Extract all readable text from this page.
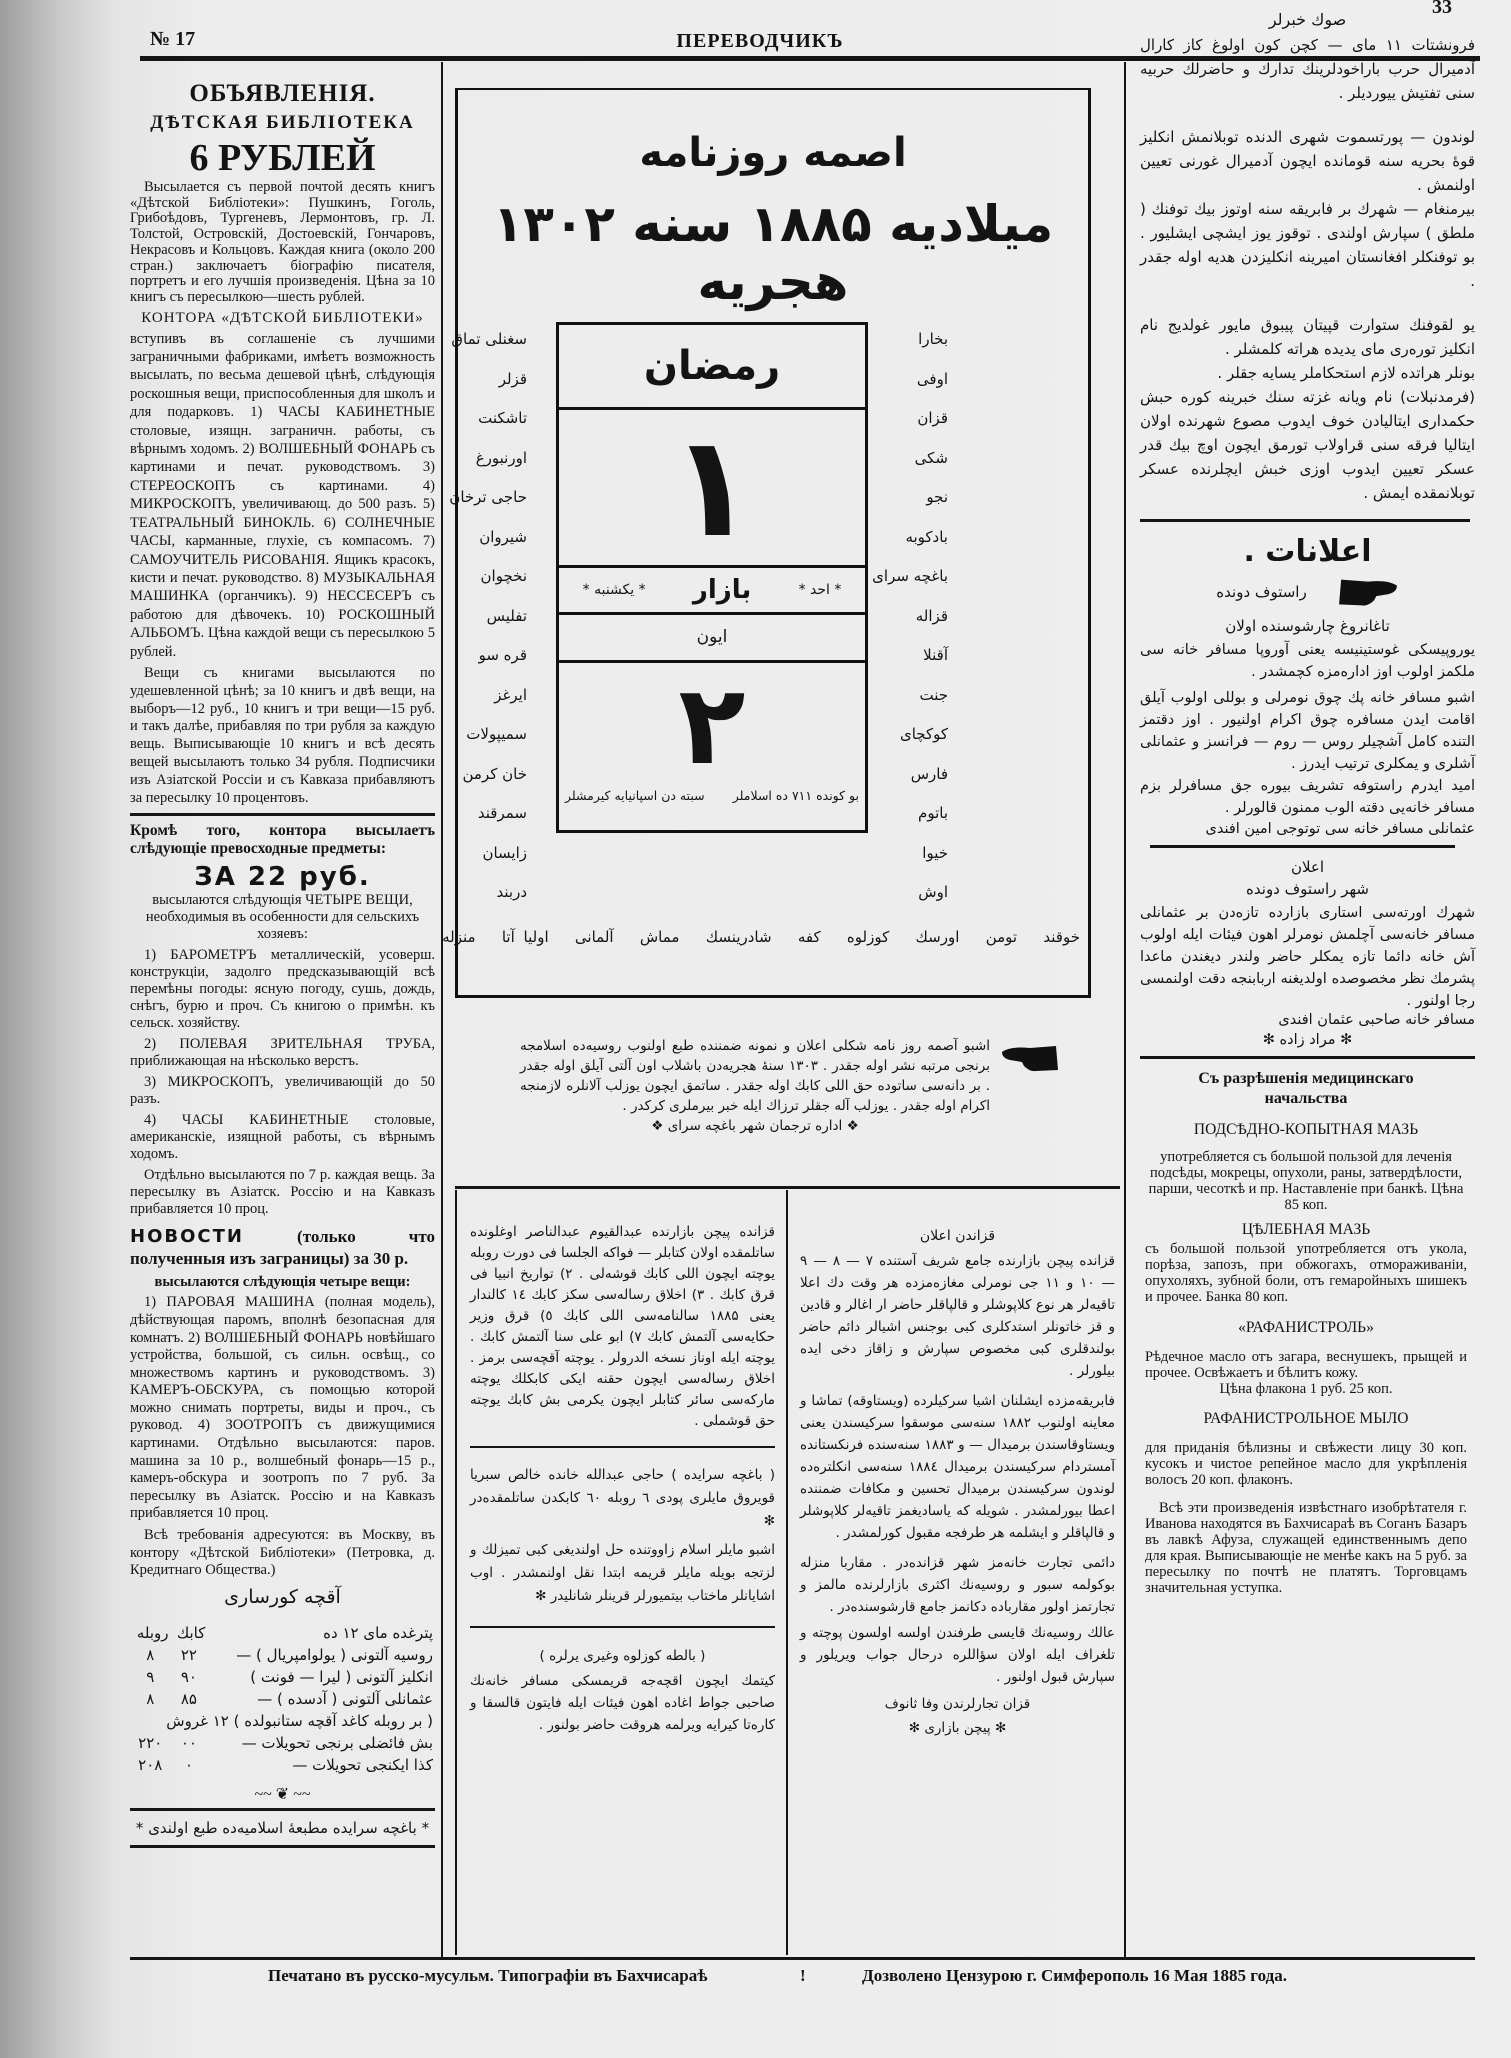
№ 17	ПЕРЕВОДЧИКЪ
33
ОБЪЯВЛЕНІЯ.
ДѢТСКАЯ БИБЛІОТЕКА
6 РУБЛЕЙ

Высылается съ первой почтой десять книгъ «Дѣтской Библіотеки»: Пушкинъ, Гоголь, Грибоѣдовъ, Тургеневъ, Лермонтовъ, гр. Л. Толстой, Островскій, Достоевскій, Гончаровъ, Некрасовъ и Кольцовъ. Каждая книга (около 200 стран.) заключаетъ біографію писателя, портретъ и его лучшія произведенія. Цѣна за 10 книгъ съ пересылкою—шесть рублей.

КОНТОРА «ДѢТСКОЙ БИБЛІОТЕКИ»

вступивъ въ соглашеніе съ лучшими заграничными фабриками, имѣетъ возможность высылать, по весьма дешевой цѣнѣ, слѣдующія роскошныя вещи, приспособленныя для школъ и для подарковъ. 1) ЧАСЫ КАБИНЕТНЫЕ столовые, изящн. заграничн. работы, съ вѣрнымъ ходомъ. 2) ВОЛШЕБНЫЙ ФОНАРЬ съ картинами и печат. руководствомъ. 3) СТЕРЕОСКОПЪ съ картинами. 4) МИКРОСКОПЪ, увеличивающ. до 500 разъ. 5) ТЕАТРАЛЬНЫЙ БИНОКЛЬ. 6) СОЛНЕЧНЫЕ ЧАСЫ, карманные, глухіе, съ компасомъ. 7) САМОУЧИТЕЛЬ РИСОВАНІЯ. Ящикъ красокъ, кисти и печат. руководство. 8) МУЗЫКАЛЬНАЯ МАШИНКА (органчикъ). 9) НЕССЕСЕРЪ съ работою для дѣвочекъ. 10) РОСКОШНЫЙ АЛЬБОМЪ. Цѣна каждой вещи съ пересылкою 5 рублей.

Вещи съ книгами высылаются по удешевленной цѣнѣ; за 10 книгъ и двѣ вещи, на выборъ—12 руб., 10 книгъ и три вещи—15 руб. и такъ далѣе, прибавляя по три рубля за каждую вещь. Выписывающіе 10 книгъ и всѣ десять вещей высылаютъ только 34 рубля. Подписчики изъ Азіатской Россіи и съ Кавказа прибавляютъ за пересылку 10 процентовъ.

Кромѣ того, контора высылаетъ слѣдующіе превосходные предметы:

ЗА 22 руб.

высылаются слѣдующія ЧЕТЫРЕ ВЕЩИ, необходимыя въ особенности для сельскихъ хозяевъ:

1) БАРОМЕТРЪ металлическій, усоверш. конструкціи, задолго предсказывающій всѣ перемѣны погоды: ясную погоду, сушь, дождь, снѣгъ, бурю и проч. Съ книгою о примѣн. къ сельск. хозяйству.

2) ПОЛЕВАЯ ЗРИТЕЛЬНАЯ ТРУБА, приближающая на нѣсколько верстъ.

3) МИКРОСКОПЪ, увеличивающій до 50 разъ.

4) ЧАСЫ КАБИНЕТНЫЕ столовые, американскіе, изящной работы, съ вѣрнымъ ходомъ.

Отдѣльно высылаются по 7 р. каждая вещь. За пересылку въ Азіатск. Россію и на Кавказъ прибавляется 10 проц.

НОВОСТИ	(только что полученныя изъ заграницы) за 30 р.

высылаются слѣдующія четыре вещи:

1) ПАРОВАЯ МАШИНА (полная модель), дѣйствующая паромъ, вполнѣ безопасная для комнатъ. 2) ВОЛШЕБНЫЙ ФОНАРЬ новѣйшаго устройства, большой, съ сильн. освѣщ., со множествомъ картинъ и руководствомъ. 3) КАМЕРЪ-ОБСКУРА, съ помощью которой можно снимать портреты, виды и проч., съ руковод. 4) ЗООТРОПЪ съ движущимися картинами. Отдѣльно высылаются: паров. машина за 10 р., волшебный фонарь—15 р., камеръ-обскура и зоотропъ по 7 руб. За пересылку въ Азіатск. Россію и на Кавказъ прибавляется 10 проц.

Всѣ требованія адресуются: въ Москву, въ контору «Дѣтской Библіотеки» (Петровка, д. Кредитнаго Общества.)

آقچه کورساری
پترغده مای ۱۲ ده	کابك	روبله
روسیه آلتونی ( یولوامپریال ) —	۲۲	۸
انکلیز آلتونی ( لیرا — فونت )	۹۰	۹
عثمانلی آلتونی ( آدسده ) —	۸۵	۸
( بر روبله کاغد آقچه ستانبولده ) ۱۲ غروش		
بش فائضلی برنجی تحویلات —	۰۰	۲۲۰
کذا ایکنجی تحویلات —	۰	۲۰۸
~~ ❦ ~~
* باغچه سرایده مطبعهٔ اسلامیه‌ده طبع اولندی *
اصمه روزنامه
میلادیه ۱۸۸۵ سنه ۱۳۰۲ هجریه
رمضان
۱
* احد *
بازار
* یکشنبه *
ایون
۲
بو کونده ۷۱۱ ده اسلاملر
سبته دن اسپانیایه کیرمشلر
بخارا
اوفی
قزان
شکی
نجو
بادکوبه
باغچه سرای
قزاله
آقنلا
جنت
کوکچای
فارس
باتوم
خیوا
اوش
سغنلی تماق
قزلر
تاشکنت
اورنبورغ
حاجی ترخان
شیروان
نخچوان
تفلیس
قره سو
ایرغز
سمیپولات
خان کرمن
سمرقند
زایسان
دربند
خوقند   تومن   اورسك   کوزلوه   کفه   شادرینسك   مماش   آلمانی   اولیا آتا   منزله
اشبو آصمه روز نامه شکلی اعلان و نمونه ضمننده طبع اولنوب روسیه‌ده اسلامجه برنجی مرتبه نشر اوله جقدر . ۱۳۰۳ سنهٔ هجریه‌دن باشلاب اون آلتی آیلق اوله جقدر . بر دانه‌سی ساتوده حق اللی کابك اوله جقدر . ساتمق ایچون یوزلب آلانلره لازمنجه اکرام اوله جقدر . یوزلب آله جقلر ترزاك ایله خبر بیرملری کرکدر .
❖ اداره ترجمان شهر باغچه سرای ❖

قزانده پیچن بازارنده عبدالقیوم عبدالناصر اوغلونده ساتلمقده اولان کتابلر — فواکه الجلسا فی دورت روبله یوچته ایچون اللی کابك قوشه‌لی . ۲) تواریخ انبیا فی قرق کابك . ۳) اخلاق رساله‌سی سکز کابك ۱٤ کالندار یعنی ۱۸۸۵ سالنامه‌سی اللی کابك ٥) قرق وزیر حکایه‌سی آلتمش کابك ۷) ابو علی سنا آلتمش کابك . یوچته ایله اوناز نسخه الدرولر . یوچته آقچه‌سی برمز . اخلاق رساله‌سی ایچون حقنه ایکی کابکلك یوچته مارکه‌سی سائر کتابلر ایچون یکرمی بش کابك یوچته حق قوشملی .

( باغچه سرایده ) حاجی عبدالله خانده خالص سبریا قویروق مایلری پودی ٦ روبله ٦۰ کابکدن ساتلمقده‌در ✻

اشبو مایلر اسلام زاووتنده حل اولندیغی کبی تمیزلك و لزتجه بویله مایلر قریمه ابتدا نقل اولنمشدر . اوب اشایانلر ماختاب بیتمیورلر قرینلر شانلیدر ✻

( بالطه کوزلوه وغیری یرلره )

کیتمك ایچون اقچه‌جه قریمسکی مسافر خانه‌نك صاحبی جواط اغاده اهون فیئات ایله فایتون قالسقا و کاره‌تا کیرایه ویرلمه هروقت حاضر بولنور .

قزاندن اعلان

قزانده پیچن بازارنده جامع شریف آستنده ۷ — ۸ — ۹ — ۱۰ و ۱۱ جی نومرلی مغازه‌مزده هر وقت دك اعلا تاقیه‌لر هر نوع کلاپوشلر و قالپاقلر حاضر ار اغالر و قادین و قز خاتونلر استدکلری کبی بوجنس اشیالر دائم حاضر بولندقلری کبی مخصوص سپارش و زاقاز دخی ایده بیلورلر .

فابریقه‌مزده ایشلنان اشیا سرکیلرده (ویستاوقه) تماشا و معاینه اولنوب ۱۸۸۲ سنه‌سی موسقوا سرکیسندن یعنی ویستاوقاسندن برمیدال — و ۱۸۸۳ سنه‌سنده فرنکستانده آمستردام سرکیسندن برمیدال ۱۸۸٤ سنه‌سی انکلتره‌ده لوندون سرکیسندن برمیدال تحسین و مکافات ضمننده اعطا بیورلمشدر . شویله که یاسادیغمز تاقیه‌لر کلاپوشلر و قالپاقلر و ایشلمه هر طرفجه مقبول کورلمشدر .

دائمی تجارت خانه‌مز شهر قزانده‌در . مقاربا منزله بوکولمه سبور و روسیه‌نك اکثری بازارلرنده مالمز و تجارتمز اولور مقارباده دکانمز جامع قارشوسنده‌در .

عالك روسیه‌نك قایسی طرفندن اولسه اولسون پوچته و تلغراف ایله اولان سؤاللره درحال جواب ویریلور و سپارش قبول اولنور .

قزان تجارلرندن وفا ثانوف
✻ پیچن بازاری ✻
صوك خبرلر

فرونشتات ۱۱ مای — کچن کون اولوغ کاز کارال آدمیرال حرب باراخودلرینك تدارك و حاضرلك حربیه سنی تفتیش ییوردیلر .

لوندون — پورتسموت شهری الدنده توبلانمش انکلیز قوهٔ بحریه سنه قومانده ایچون آدمیرال غورنی تعیین اولنمش .

بیرمنغام — شهرك بر فابریقه سنه اوتوز بیك توفنك ( ملطق ) سپارش اولندی . توقوز یوز ایشچی ایشلیور . بو توفنکلر افغانستان امیرینه انکلیزدن هدیه اوله جقدر .

یو لقوفنك ستوارت قپیتان پیبوق مایور غولدیج نام انکلیز توره‌ری مای یدیده هراته کلمشلر .

بونلر هراتده لازم استحکاملر یسایه جقلر .

(فرمدنبلات) نام ویانه غزته سنك خبرینه کوره حبش حکمداری ایتالیادن خوف ایدوب مصوع شهرنده اولان ایتالیا فرقه سنی قراولاب تورمق ایچون اوچ بیك قدر عسکر تعیین ایدوب اوزی خبش ایچلرنده عسکر توبلانمقده ایمش .

اعلانات .
راستوف دونده
تاغانروغ چارشوسنده اولان

یوروپیسکی غوستینیسه یعنی آوروپا مسافر خانه سی ملکمز اولوب اوز اداره‌مزه کچمشدر .

اشبو مسافر خانه پك چوق نومرلی و بوللی اولوب آیلق اقامت ایدن مسافره چوق اکرام اولنیور . اوز دقتمز التنده کامل آشچیلر روس — روم — فرانسز و عثمانلی آشلری و یمکلری ترتیب ایدرز .

امید ایدرم راستوفه تشریف بیوره جق مسافرلر بزم مسافر خانه‌یی دقته الوب ممنون قالورلر .

عثمانلی مسافر خانه سی توتوجی امین افندی
اعلان
شهر راستوف دونده

شهرك اورته‌سی استاری بازارده تازه‌دن بر عثمانلی مسافر خانه‌سی آچلمش نومرلر اهون فیئات ایله اولوب آش خانه دائما تازه یمکلر حاضر ولندر دیغندن ماعدا پشرمك نظر مخصوصده اولدیغنه اربابنجه دقت اولنمسی رجا اولنور .

مسافر خانه صاحبی عثمان افندی
✻ مراد زاده ✻
Съ разрѣшенія медицинскаго начальства
ПОДСѢДНО-КОПЫТНАЯ МАЗЬ

употребляется съ большой пользой для леченія подсѣды, мокрецы, опухоли, раны, затвердѣлости, парши, чесоткѣ и пр. Наставленіе при банкѣ. Цѣна 85 коп.

ЦѢЛЕБНАЯ МАЗЬ

съ большой пользой употребляется отъ укола, порѣза, запозъ, при обжогахъ, отмораживаніи, опухоляхъ, зубной боли, отъ гемаройныхъ шишекъ и прочее. Банка 80 коп.

«РАФАНИСТРОЛЬ»

Рѣдечное масло отъ загара, веснушекъ, прыщей и прочее. Освѣжаетъ и бѣлитъ кожу.

Цѣна флакона 1 руб. 25 коп.
РАФАНИСТРОЛЬНОЕ МЫЛО

для приданія бѣлизны и свѣжести лицу 30 коп. кусокъ и чистое репейное масло для укрѣпленія волосъ 20 коп. флаконъ.

Всѣ эти произведенія извѣстнаго изобрѣтателя г. Иванова находятся въ Бахчисараѣ въ Соганъ Базаръ въ лавкѣ Афуза, служащей единственнымъ депо для края. Выписывающіе не менѣе какъ на 5 руб. за пересылку по почтѣ не платятъ. Торговцамъ значительная уступка.

Печатано въ русско-мусульм. Типографіи въ Бахчисараѣ	!	Дозволено Цензурою г. Симферополь 16 Мая 1885 года.
